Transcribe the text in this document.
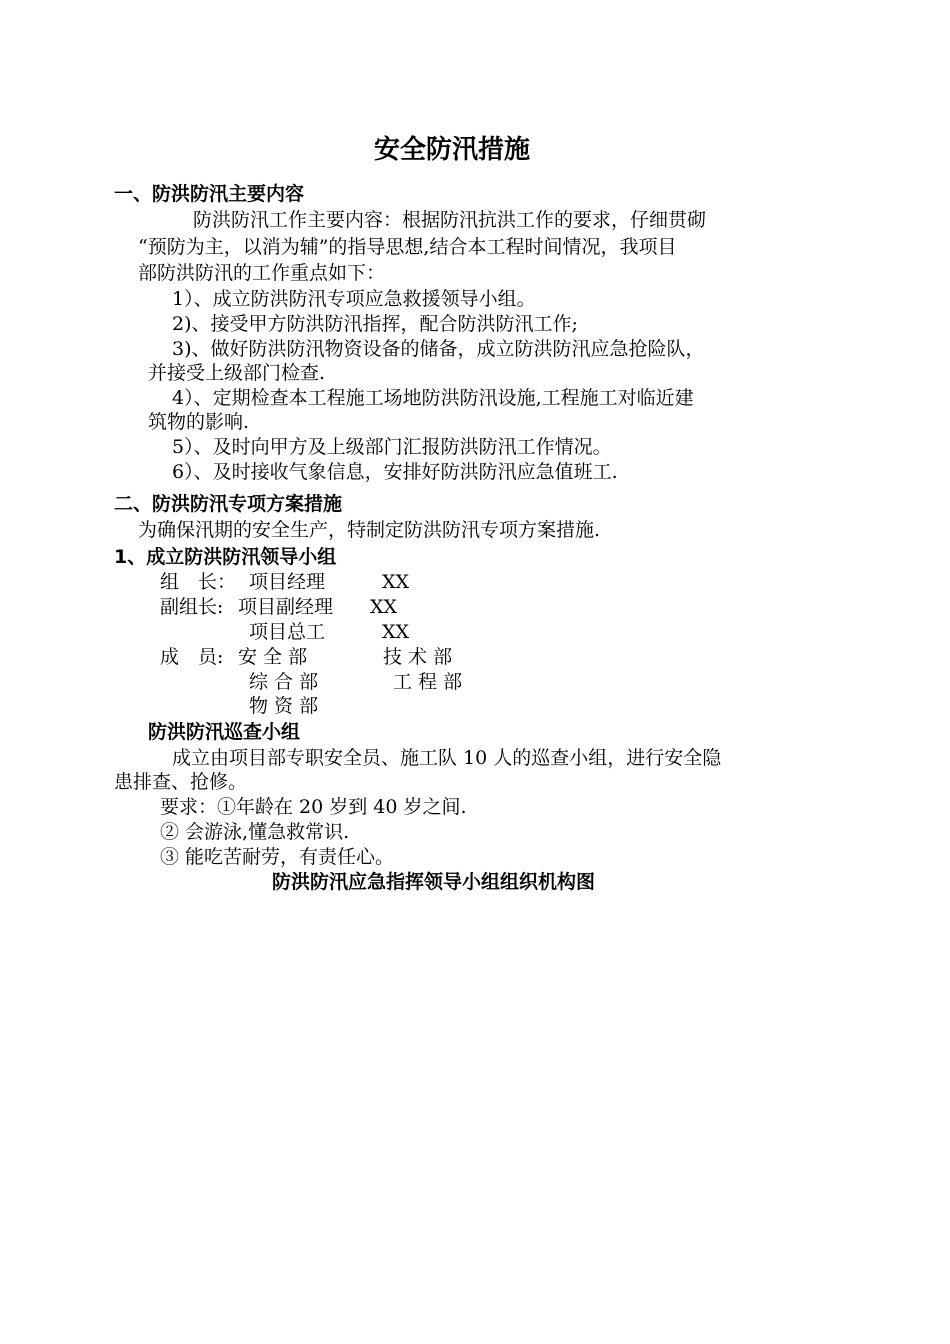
安全防汛措施
一、防洪防汛主要内容
防洪防汛工作主要内容：根据防汛抗洪工作的要求，仔细贯砌
“预防为主，以消为辅”的指导思想,结合本工程时间情况，我项目
部防洪防汛的工作重点如下：
1）、成立防洪防汛专项应急救援领导小组。
2)、接受甲方防洪防汛指挥，配合防洪防汛工作;
3)、做好防洪防汛物资设备的储备，成立防洪防汛应急抢险队，
并接受上级部门检查.
4）、定期检查本工程施工场地防洪防汛设施,工程施工对临近建
筑物的影响.
5）、及时向甲方及上级部门汇报防洪防汛工作情况。
6）、及时接收气象信息，安排好防洪防汛应急值班工.
二、防洪防汛专项方案措施
为确保汛期的安全生产，特制定防洪防汛专项方案措施.
1、成立防洪防汛领导小组
组　长： 项目经理	XX
副组长: 项目副经理 XX
项目总工	XX
成　员: 安 全 部	技 术 部
综 合 部	工 程 部
物 资 部
防洪防汛巡查小组
成立由项目部专职安全员、施工队 10 人的巡查小组，进行安全隐
患排查、抢修。
要求：①年龄在 20 岁到 40 岁之间.
② 会游泳,懂急救常识.
③ 能吃苦耐劳，有责任心。
防洪防汛应急指挥领导小组组织机构图
